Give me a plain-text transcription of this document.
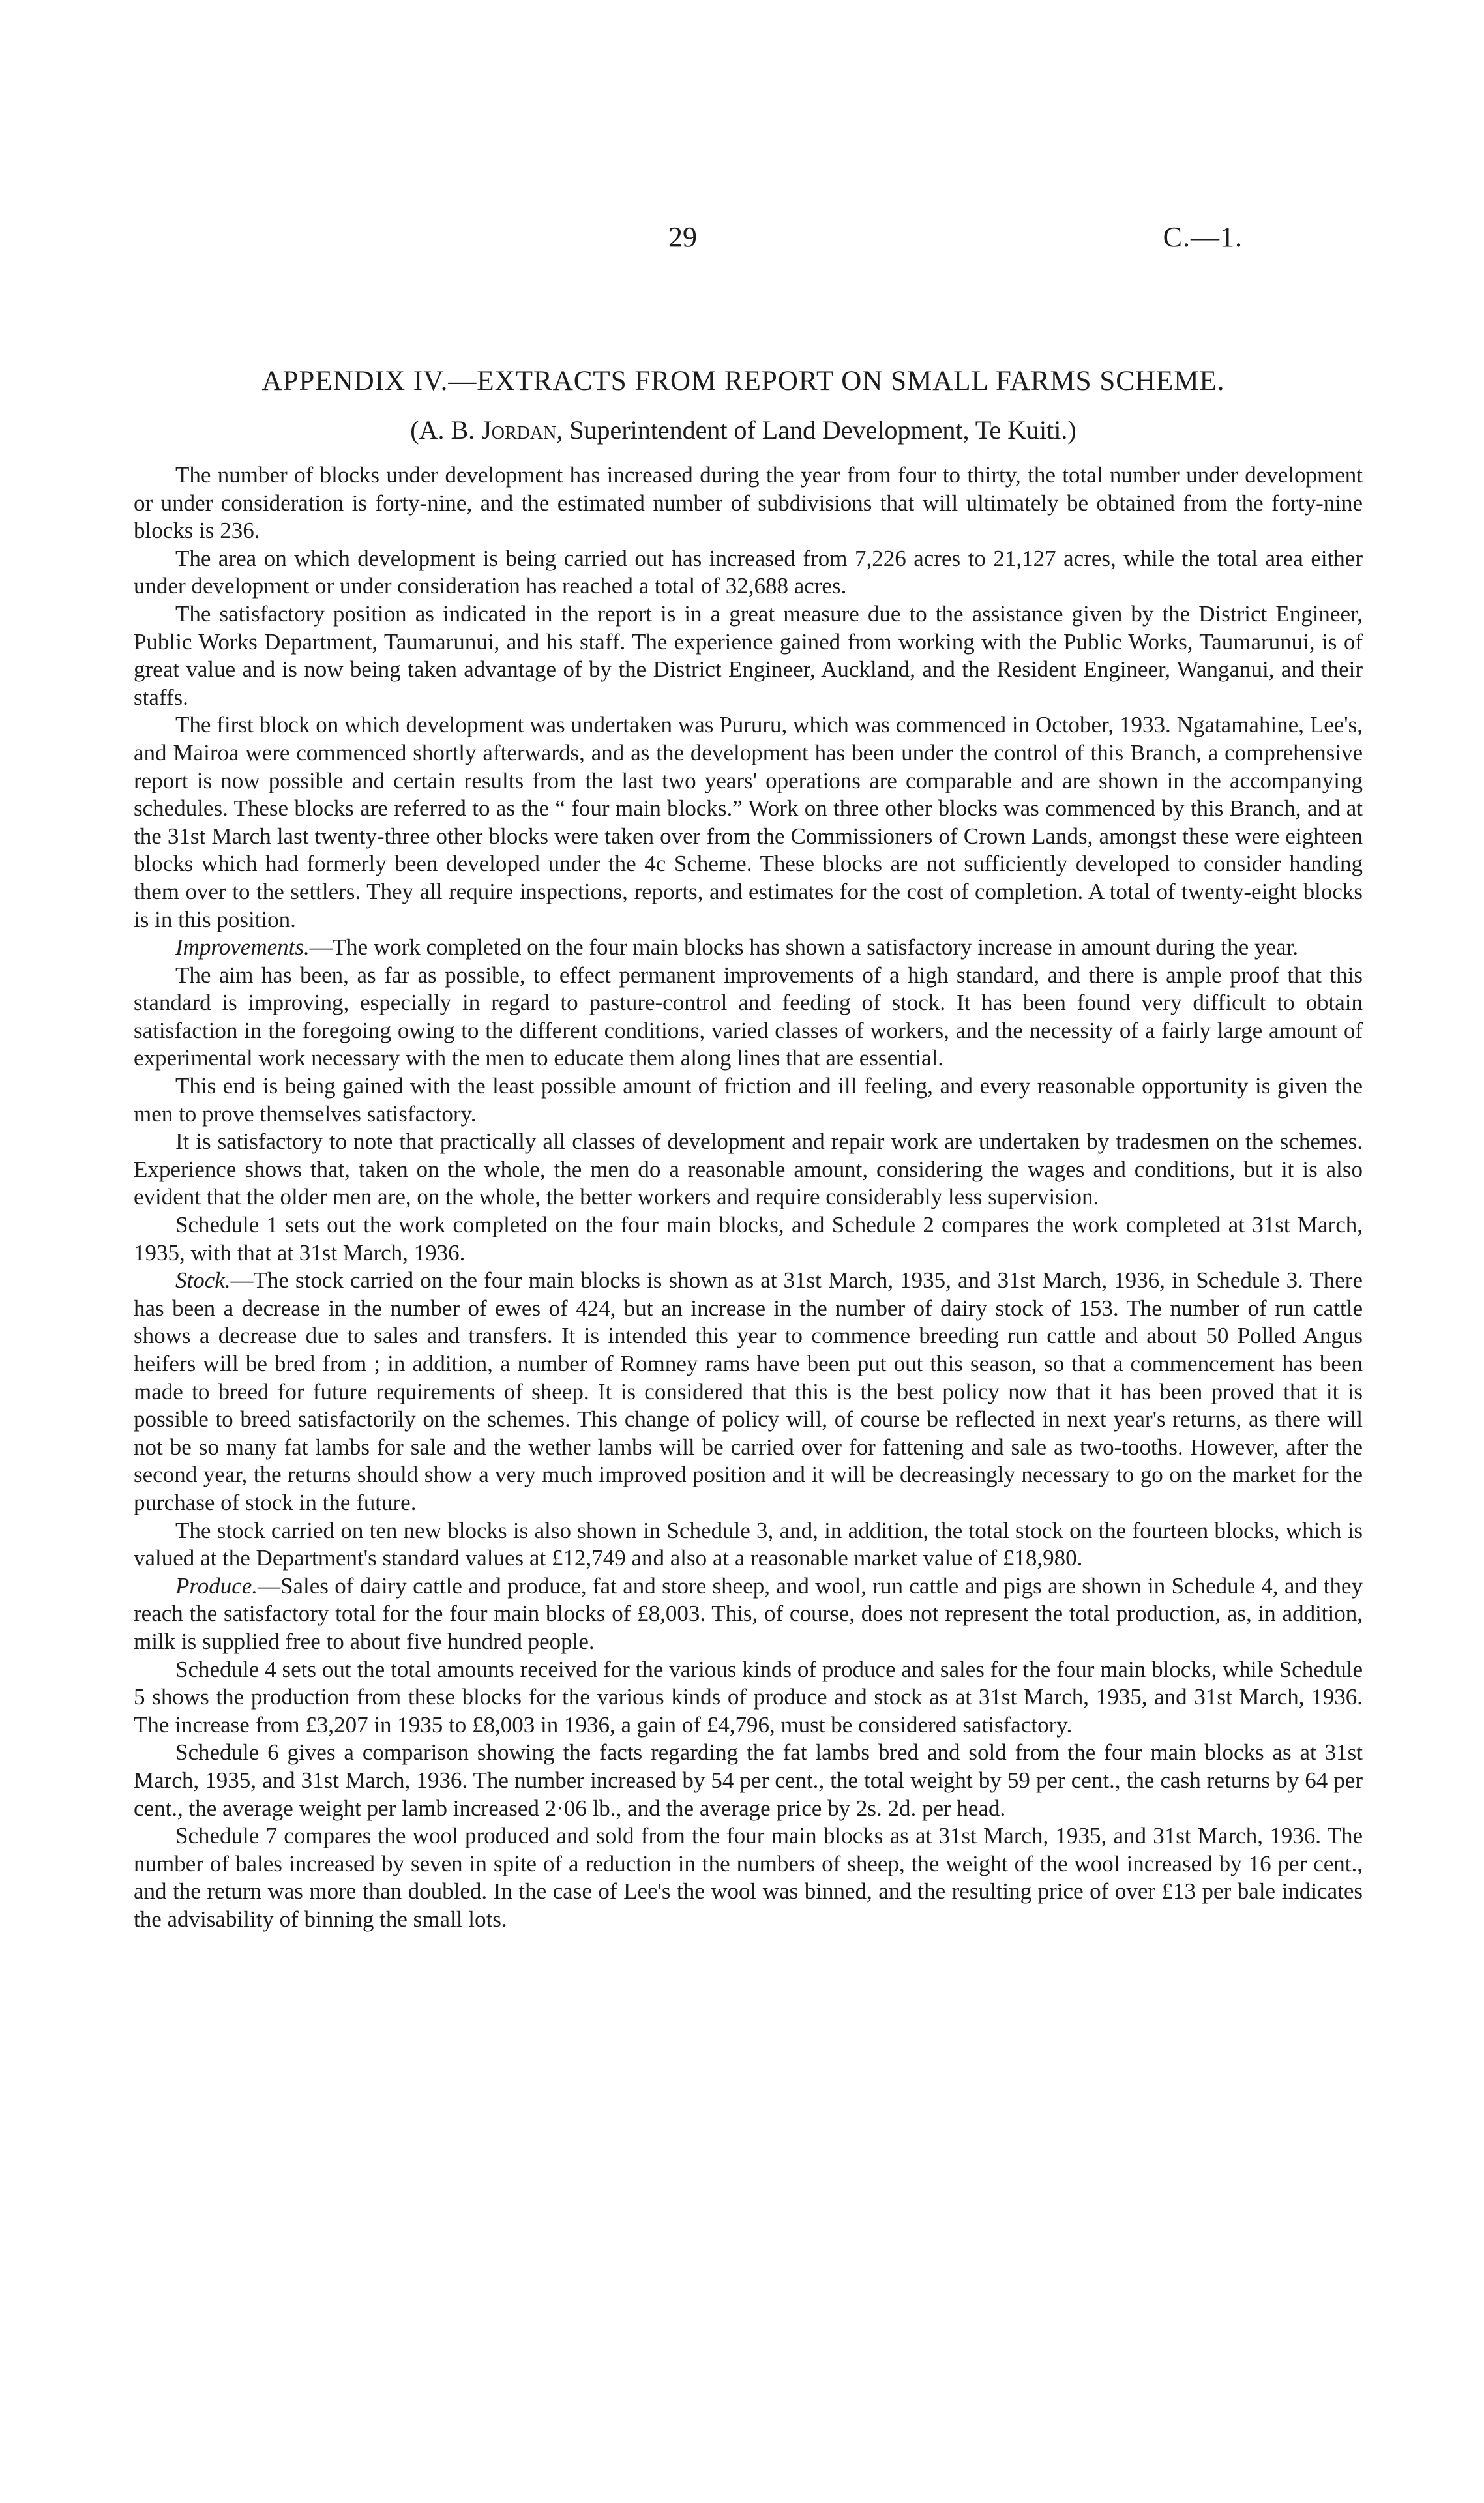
29	C.—1.
APPENDIX IV.—EXTRACTS FROM REPORT ON SMALL FARMS SCHEME.
(A. B. Jordan, Superintendent of Land Development, Te Kuiti.)

The number of blocks under development has increased during the year from four to thirty, the total number under development or under consideration is forty-nine, and the estimated number of subdivisions that will ultimately be obtained from the forty-nine blocks is 236.

The area on which development is being carried out has increased from 7,226 acres to 21,127 acres, while the total area either under development or under consideration has reached a total of 32,688 acres.

The satisfactory position as indicated in the report is in a great measure due to the assistance given by the District Engineer, Public Works Department, Taumarunui, and his staff. The experience gained from working with the Public Works, Taumarunui, is of great value and is now being taken advantage of by the District Engineer, Auckland, and the Resident Engineer, Wanganui, and their staffs.

The first block on which development was undertaken was Pururu, which was commenced in October, 1933. Ngatamahine, Lee's, and Mairoa were commenced shortly afterwards, and as the development has been under the control of this Branch, a comprehensive report is now possible and certain results from the last two years' operations are comparable and are shown in the accompanying schedules. These blocks are referred to as the “ four main blocks.” Work on three other blocks was commenced by this Branch, and at the 31st March last twenty-three other blocks were taken over from the Commissioners of Crown Lands, amongst these were eighteen blocks which had formerly been developed under the 4c Scheme. These blocks are not sufficiently developed to consider handing them over to the settlers. They all require inspections, reports, and estimates for the cost of completion. A total of twenty-eight blocks is in this position.

Improvements.—The work completed on the four main blocks has shown a satisfactory increase in amount during the year.

The aim has been, as far as possible, to effect permanent improvements of a high standard, and there is ample proof that this standard is improving, especially in regard to pasture-control and feeding of stock. It has been found very difficult to obtain satisfaction in the foregoing owing to the different conditions, varied classes of workers, and the necessity of a fairly large amount of experimental work necessary with the men to educate them along lines that are essential.

This end is being gained with the least possible amount of friction and ill feeling, and every reasonable opportunity is given the men to prove themselves satisfactory.

It is satisfactory to note that practically all classes of development and repair work are undertaken by tradesmen on the schemes. Experience shows that, taken on the whole, the men do a reasonable amount, considering the wages and conditions, but it is also evident that the older men are, on the whole, the better workers and require considerably less supervision.

Schedule 1 sets out the work completed on the four main blocks, and Schedule 2 compares the work completed at 31st March, 1935, with that at 31st March, 1936.

Stock.—The stock carried on the four main blocks is shown as at 31st March, 1935, and 31st March, 1936, in Schedule 3. There has been a decrease in the number of ewes of 424, but an increase in the number of dairy stock of 153. The number of run cattle shows a decrease due to sales and transfers. It is intended this year to commence breeding run cattle and about 50 Polled Angus heifers will be bred from ; in addition, a number of Romney rams have been put out this season, so that a commencement has been made to breed for future requirements of sheep. It is considered that this is the best policy now that it has been proved that it is possible to breed satisfactorily on the schemes. This change of policy will, of course be reflected in next year's returns, as there will not be so many fat lambs for sale and the wether lambs will be carried over for fattening and sale as two-tooths. However, after the second year, the returns should show a very much improved position and it will be decreasingly necessary to go on the market for the purchase of stock in the future.

The stock carried on ten new blocks is also shown in Schedule 3, and, in addition, the total stock on the fourteen blocks, which is valued at the Department's standard values at £12,749 and also at a reasonable market value of £18,980.

Produce.—Sales of dairy cattle and produce, fat and store sheep, and wool, run cattle and pigs are shown in Schedule 4, and they reach the satisfactory total for the four main blocks of £8,003. This, of course, does not represent the total production, as, in addition, milk is supplied free to about five hundred people.

Schedule 4 sets out the total amounts received for the various kinds of produce and sales for the four main blocks, while Schedule 5 shows the production from these blocks for the various kinds of produce and stock as at 31st March, 1935, and 31st March, 1936. The increase from £3,207 in 1935 to £8,003 in 1936, a gain of £4,796, must be considered satisfactory.

Schedule 6 gives a comparison showing the facts regarding the fat lambs bred and sold from the four main blocks as at 31st March, 1935, and 31st March, 1936. The number increased by 54 per cent., the total weight by 59 per cent., the cash returns by 64 per cent., the average weight per lamb increased 2·06 lb., and the average price by 2s. 2d. per head.

Schedule 7 compares the wool produced and sold from the four main blocks as at 31st March, 1935, and 31st March, 1936. The number of bales increased by seven in spite of a reduction in the numbers of sheep, the weight of the wool increased by 16 per cent., and the return was more than doubled. In the case of Lee's the wool was binned, and the resulting price of over £13 per bale indicates the advisability of binning the small lots.
